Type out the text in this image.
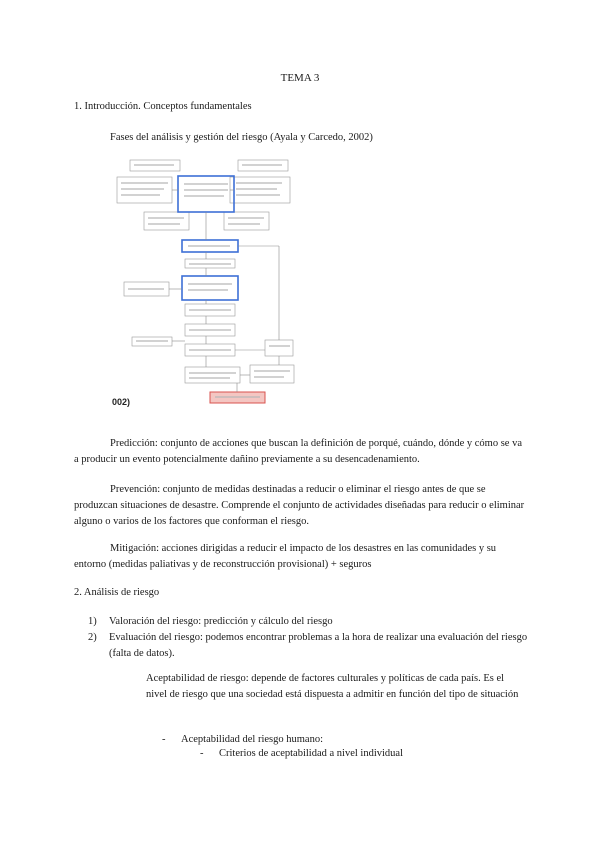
TEMA 3
1. Introducción. Conceptos fundamentales
Fases del análisis y gestión del riesgo (Ayala y Carcedo, 2002)
002)
Predicción: conjunto de acciones que buscan la definición de porqué, cuándo, dónde y cómo se va a producir un evento potencialmente dañino previamente a su desencadenamiento.
Prevención: conjunto de medidas destinadas a reducir o eliminar el riesgo antes de que se produzcan situaciones de desastre. Comprende el conjunto de actividades diseñadas para reducir o eliminar alguno o varios de los factores que conforman el riesgo.
Mitigación: acciones dirigidas a reducir el impacto de los desastres en las comunidades y su entorno (medidas paliativas y de reconstrucción provisional) + seguros
2. Análisis de riesgo
1) Valoración del riesgo: predicción y cálculo del riesgo
2) Evaluación del riesgo: podemos encontrar problemas a la hora de realizar una evaluación del riesgo (falta de datos).
Aceptabilidad de riesgo: depende de factores culturales y políticas de cada país. Es el nivel de riesgo que una sociedad está dispuesta a admitir en función del tipo de situación
- Aceptabilidad del riesgo humano:
- Criterios de aceptabilidad a nivel individual
